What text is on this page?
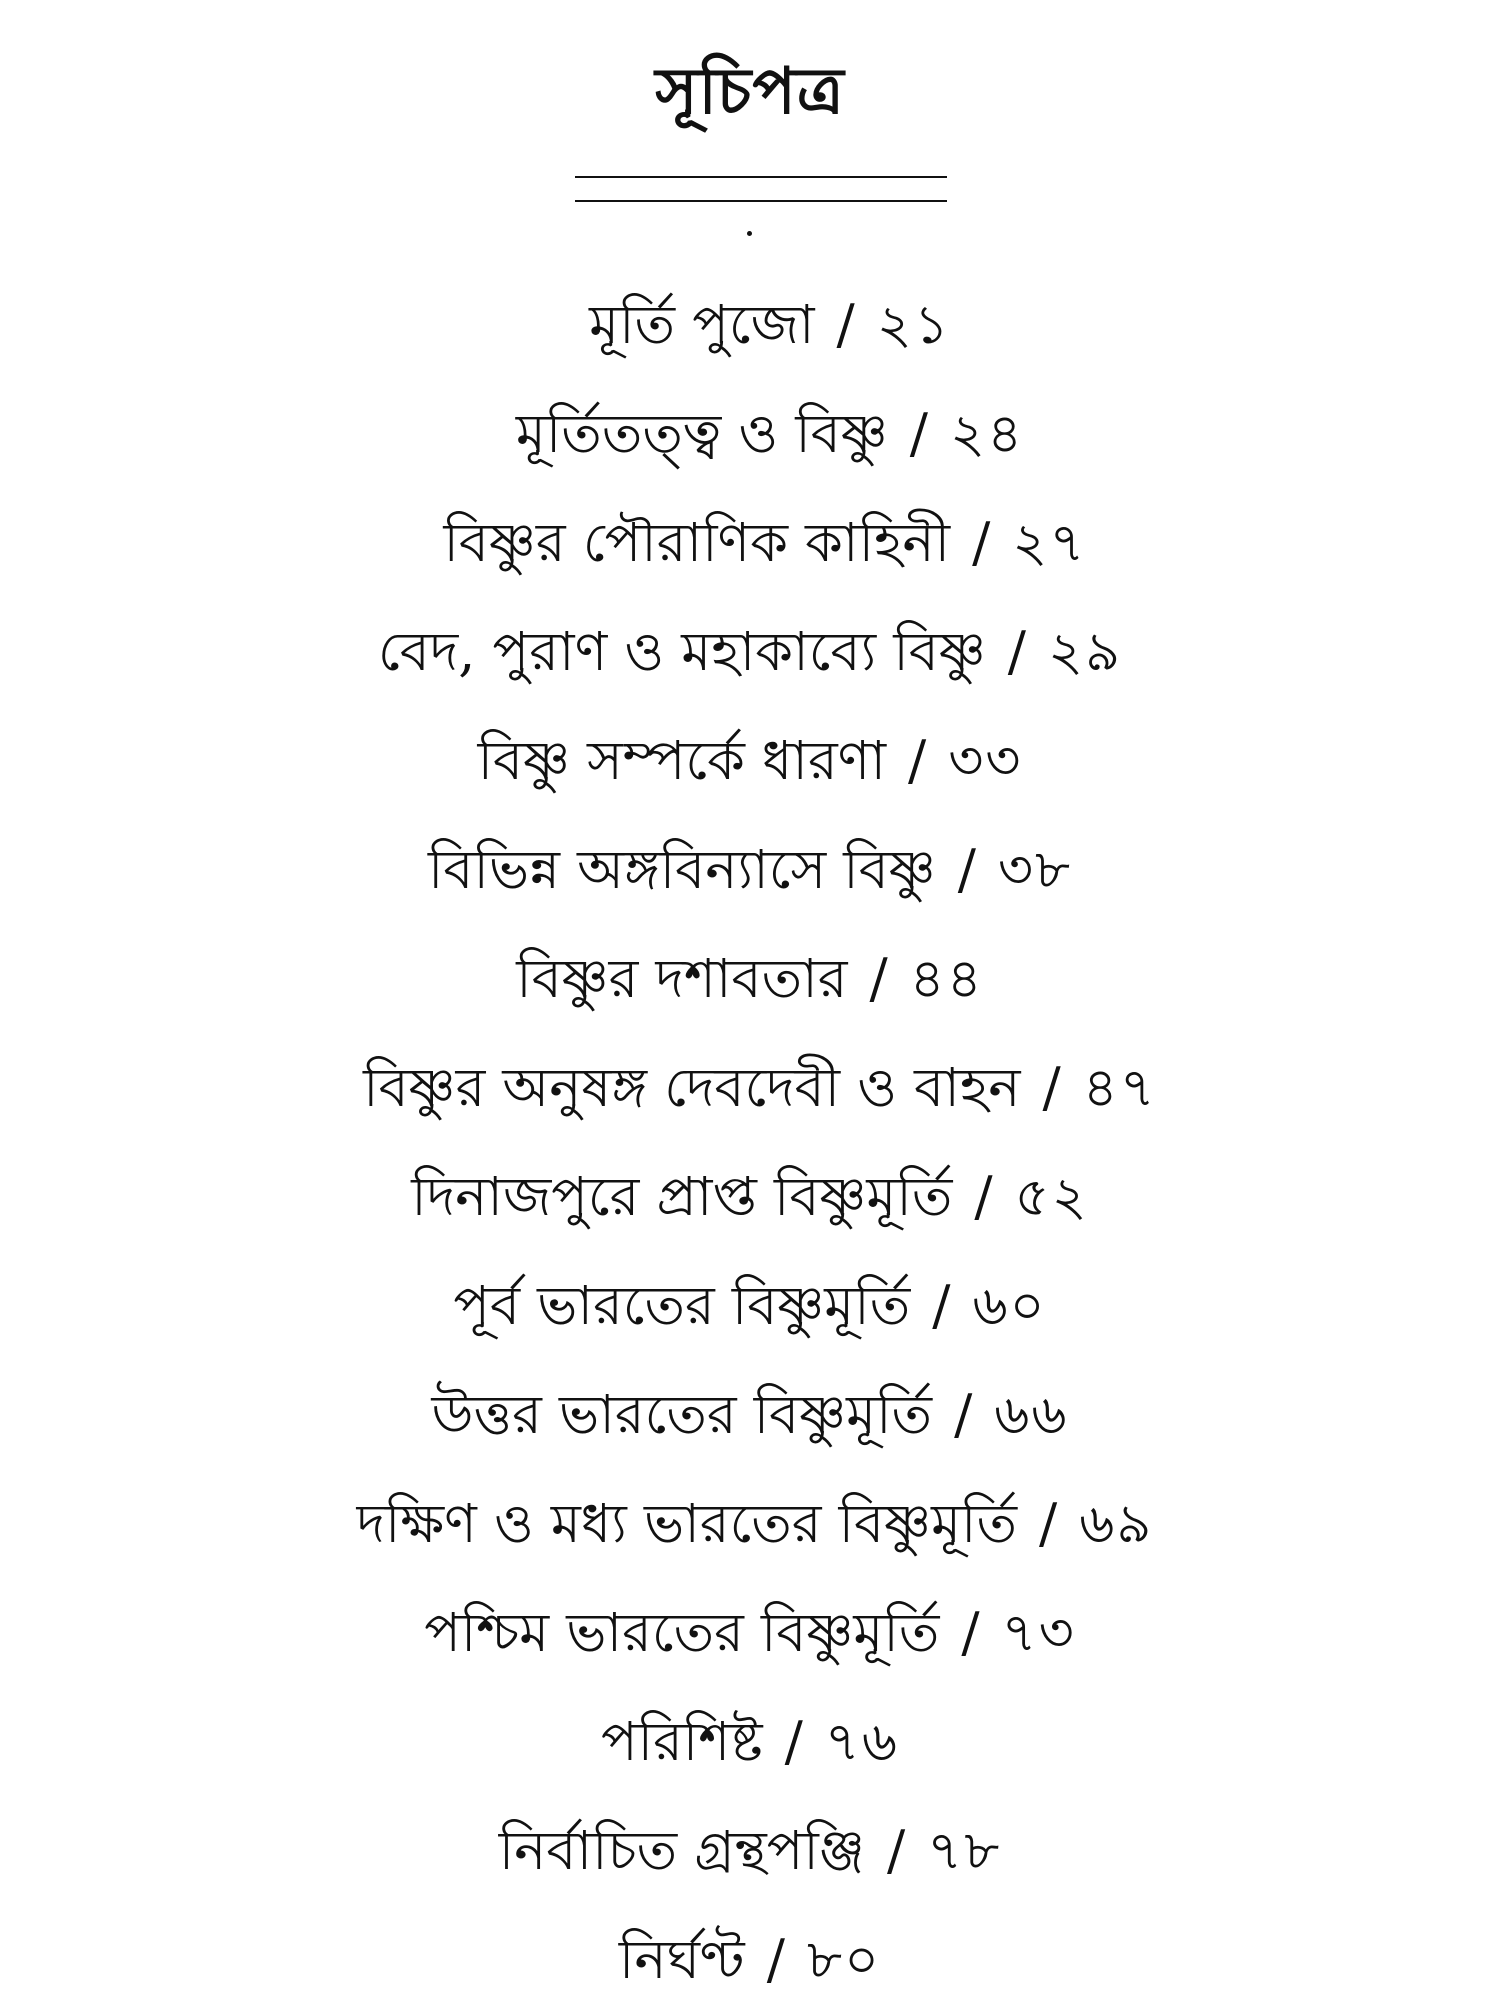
সূচিপত্র
মূর্তি পুজো / ২১
মূর্তিতত্ত্ব ও বিষ্ণু / ২৪
বিষ্ণুর পৌরাণিক কাহিনী / ২৭
বেদ, পুরাণ ও মহাকাব্যে বিষ্ণু / ২৯
বিষ্ণু সম্পর্কে ধারণা / ৩৩
বিভিন্ন অঙ্গবিন্যাসে বিষ্ণু / ৩৮
বিষ্ণুর দশাবতার / ৪৪
বিষ্ণুর অনুষঙ্গ দেবদেবী ও বাহন / ৪৭
দিনাজপুরে প্রাপ্ত বিষ্ণুমূর্তি / ৫২
পূর্ব ভারতের বিষ্ণুমূর্তি / ৬০
উত্তর ভারতের বিষ্ণুমূর্তি / ৬৬
দক্ষিণ ও মধ্য ভারতের বিষ্ণুমূর্তি / ৬৯
পশ্চিম ভারতের বিষ্ণুমূর্তি / ৭৩
পরিশিষ্ট / ৭৬
নির্বাচিত গ্রন্থপঞ্জি / ৭৮
নির্ঘণ্ট / ৮০
